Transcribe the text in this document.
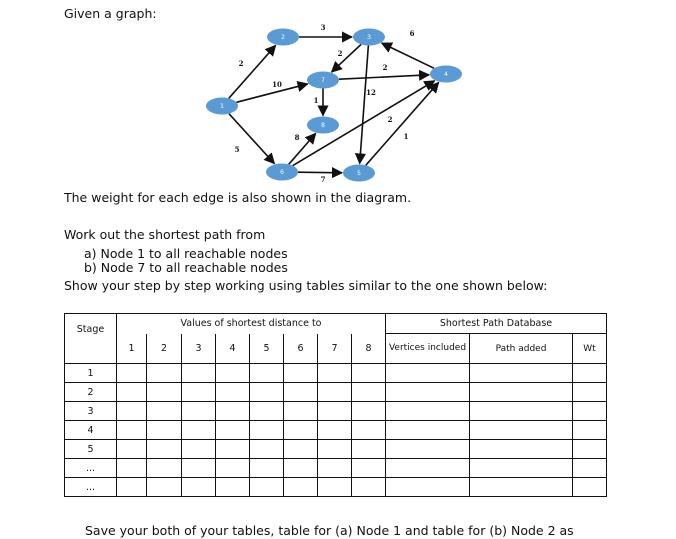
Given a graph:
2
3
10
5
2
2
6
12
1
8
2
1
7
1
2	3
4
5
6
7
8
The weight for each edge is also shown in the diagram.
Work out the shortest path from
a) Node 1 to all reachable nodes
b) Node 7 to all reachable nodes
Show your step by step working using tables similar to the one shown below:
Stage	Values of shortest distance to								Shortest Path Database		
	1	2	3	4	5	6	7	8	Vertices included	Path added	Wt
1											
2											
3											
4											
5											
...											
...											
Save your both of your tables, table for (a) Node 1 and table for (b) Node 2 as
